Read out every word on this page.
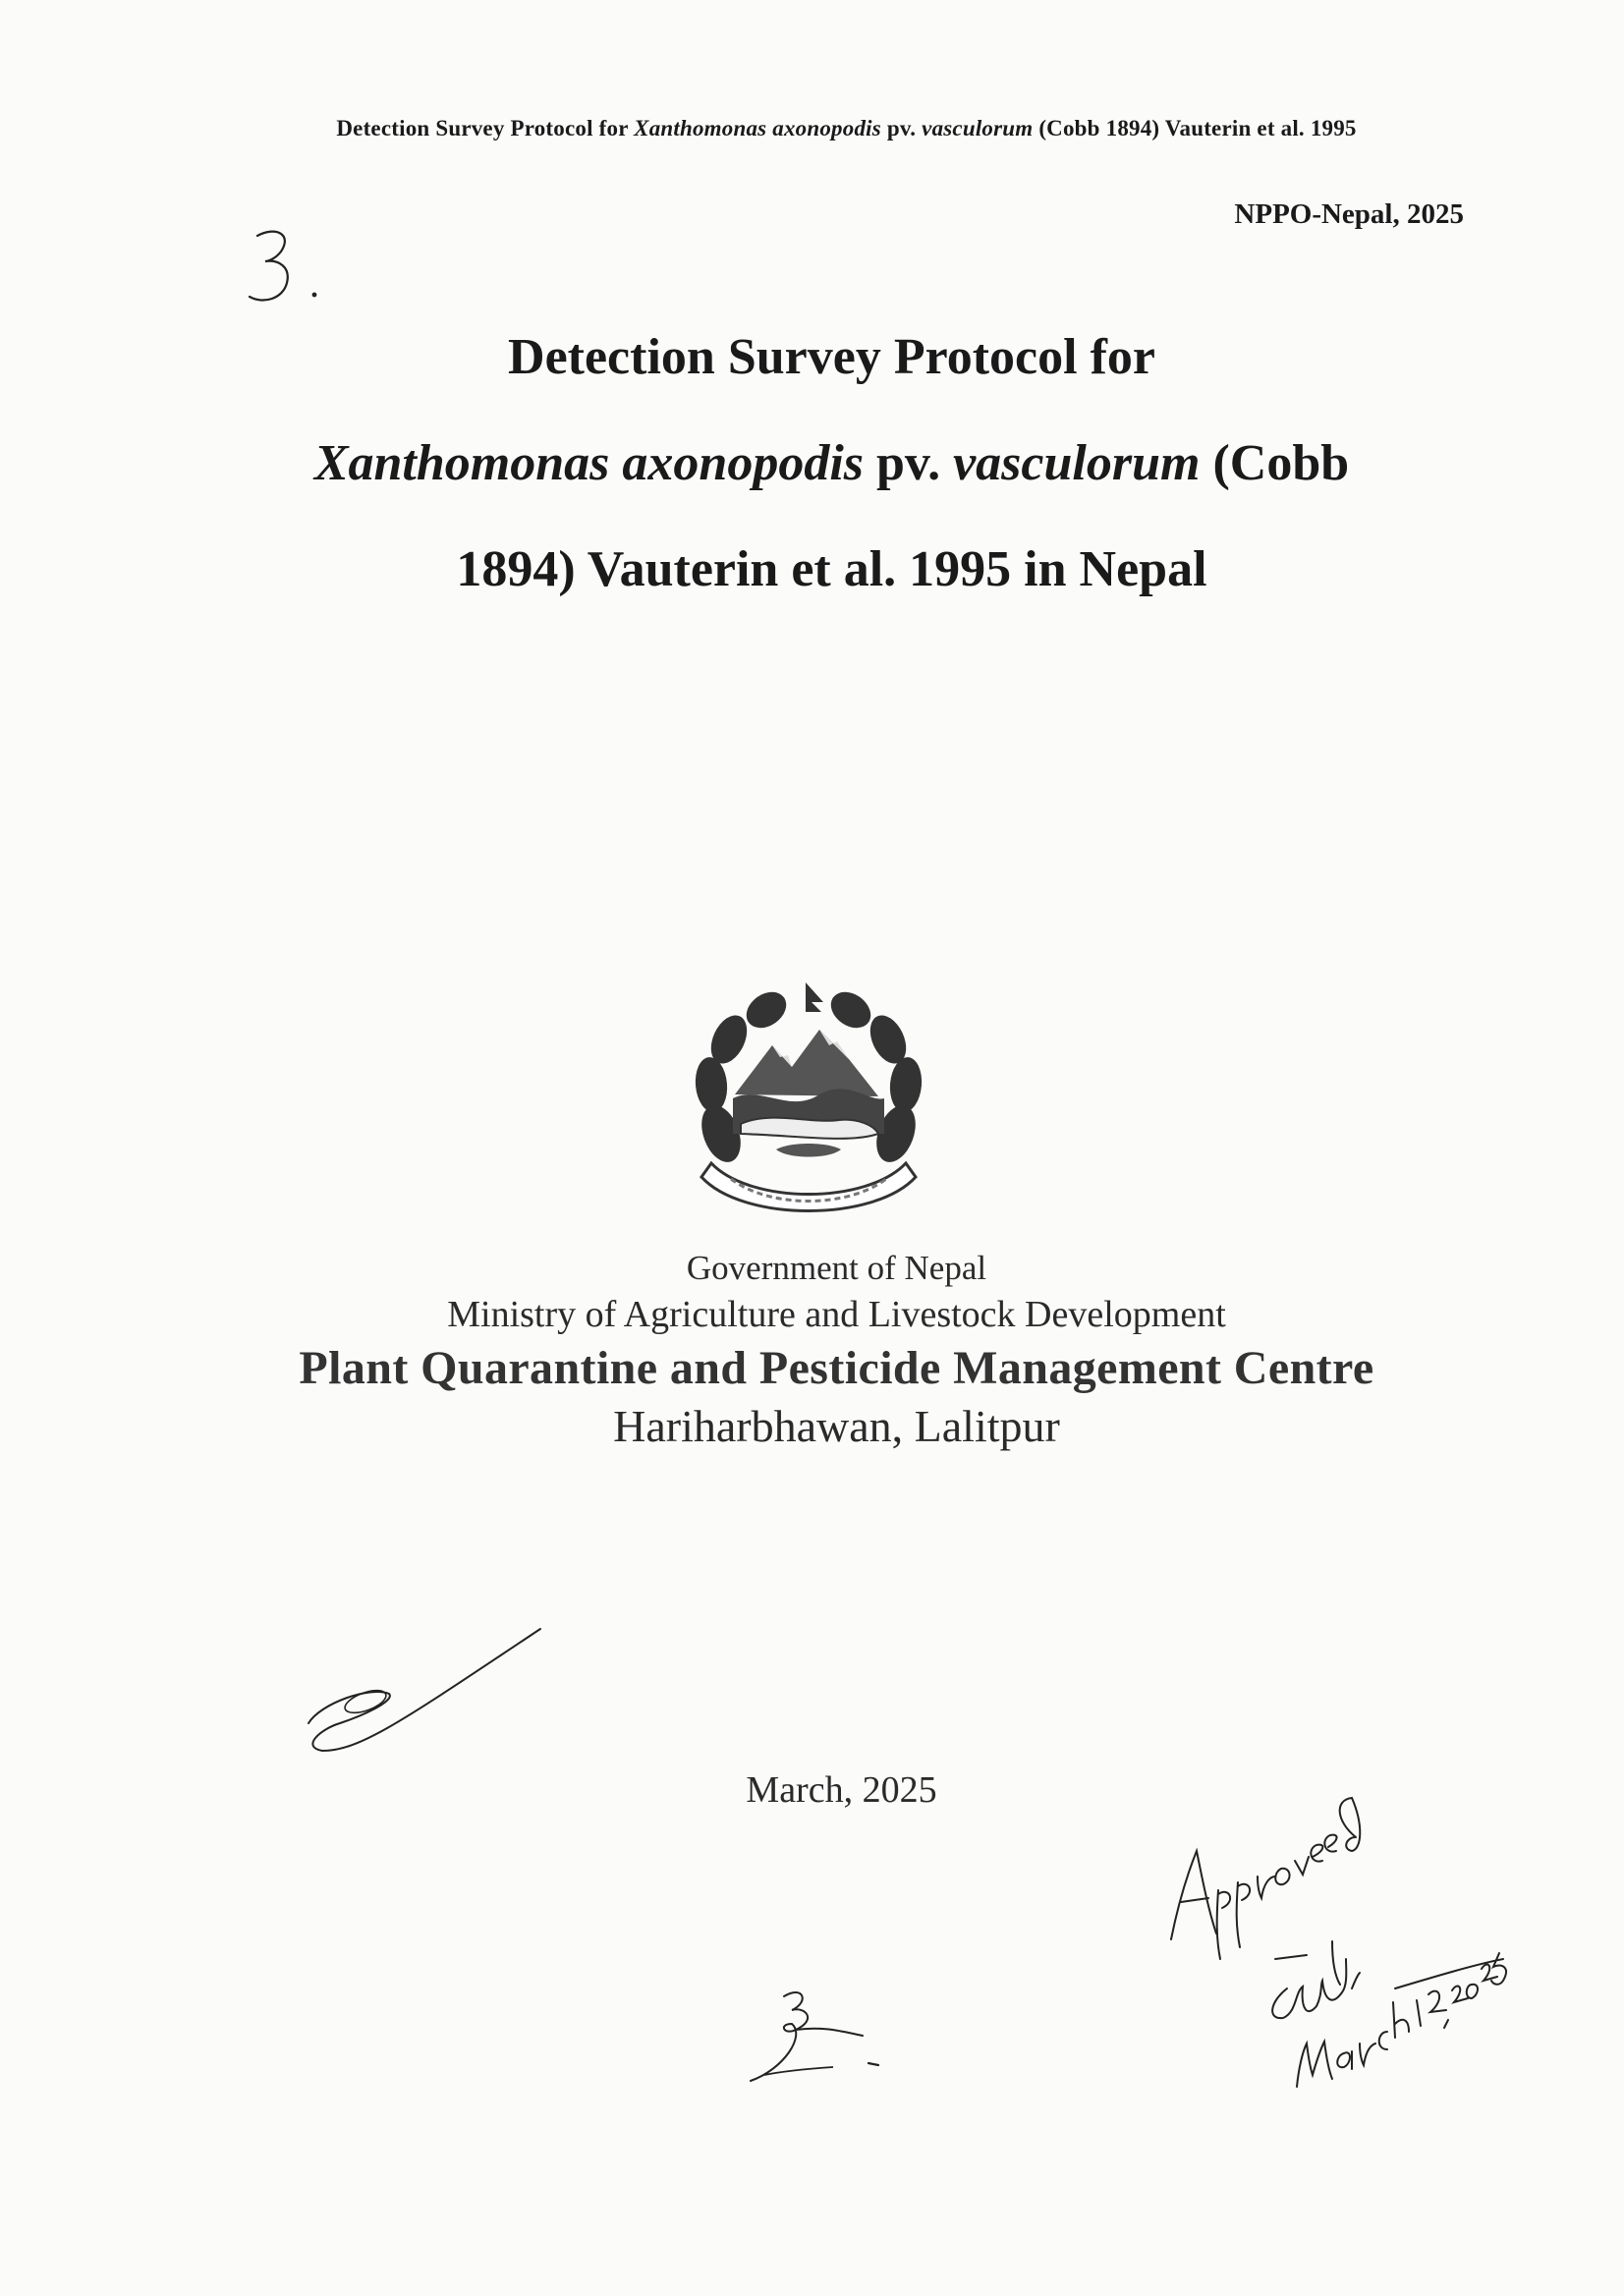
Detection Survey Protocol for Xanthomonas axonopodis pv. vasculorum (Cobb 1894) Vauterin et al. 1995
NPPO-Nepal, 2025
Detection Survey Protocol for
Xanthomonas axonopodis pv. vasculorum (Cobb
1894) Vauterin et al. 1995 in Nepal
Government of Nepal
Ministry of Agriculture and Livestock Development
Plant Quarantine and Pesticide Management Centre
Hariharbhawan, Lalitpur
March, 2025
